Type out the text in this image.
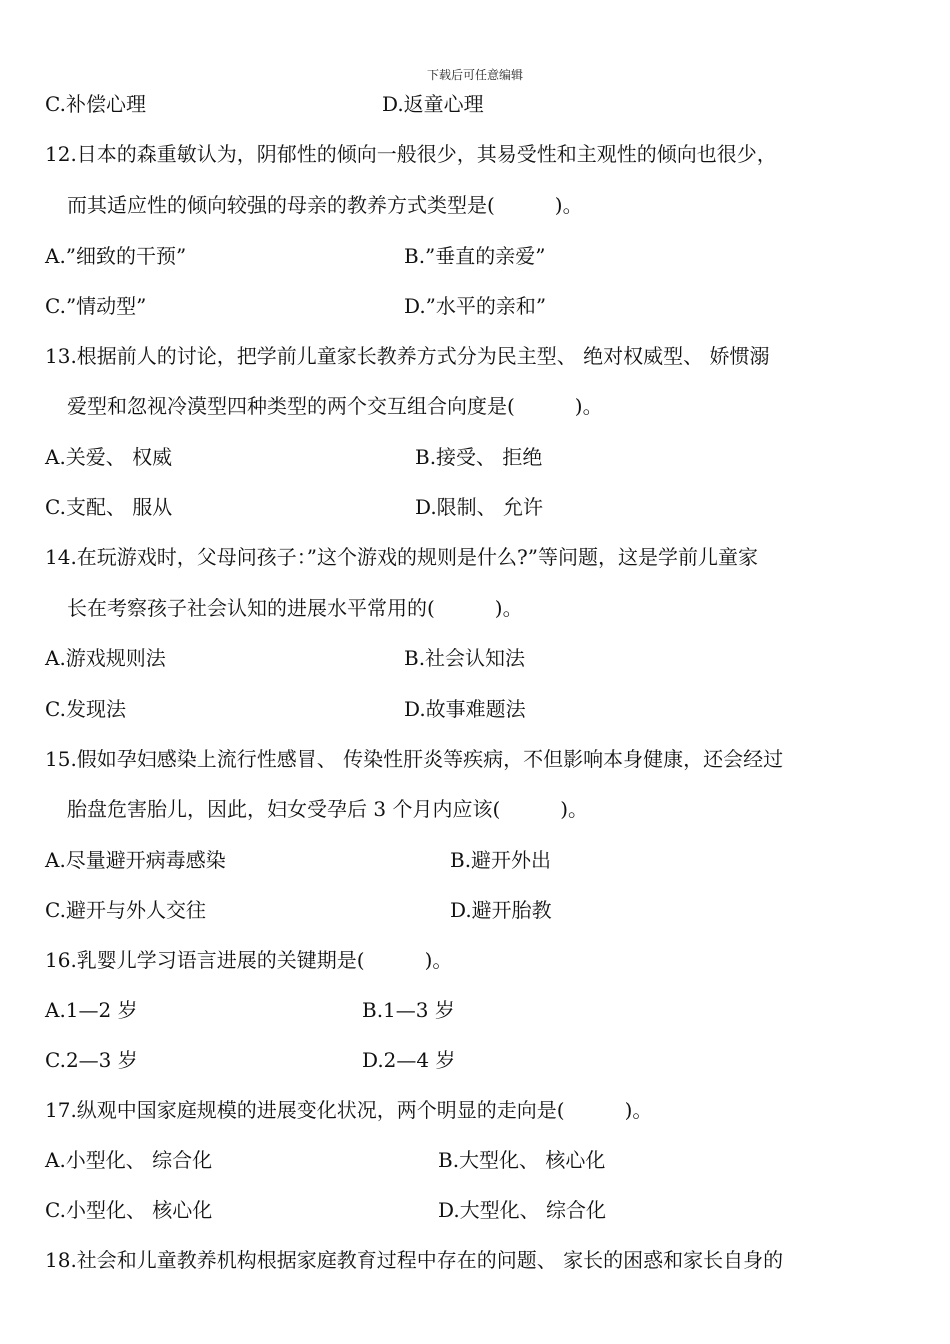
下载后可任意编辑
C.补偿心理	D.返童心理
12.日本的森重敏认为，阴郁性的倾向一般很少，其易受性和主观性的倾向也很少，
而其适应性的倾向较强的母亲的教养方式类型是(　　　)。
A.”细致的干预”	B.”垂直的亲爱”
C.”情动型”	D.”水平的亲和”
13.根据前人的讨论，把学前儿童家长教养方式分为民主型、 绝对权威型、 娇惯溺
爱型和忽视冷漠型四种类型的两个交互组合向度是(　　　)。
A.关爱、 权威	B.接受、 拒绝
C.支配、 服从	D.限制、 允许
14.在玩游戏时，父母问孩子：”这个游戏的规则是什么?”等问题，这是学前儿童家
长在考察孩子社会认知的进展水平常用的(　　　)。
A.游戏规则法	B.社会认知法
C.发现法	D.故事难题法
15.假如孕妇感染上流行性感冒、 传染性肝炎等疾病，不但影响本身健康，还会经过
胎盘危害胎儿，因此，妇女受孕后 3 个月内应该(　　　)。
A.尽量避开病毒感染	B.避开外出
C.避开与外人交往	D.避开胎教
16.乳婴儿学习语言进展的关键期是(　　　)。
A.1—2 岁	B.1—3 岁
C.2—3 岁	D.2—4 岁
17.纵观中国家庭规模的进展变化状况，两个明显的走向是(　　　)。
A.小型化、 综合化	B.大型化、 核心化
C.小型化、 核心化	D.大型化、 综合化
18.社会和儿童教养机构根据家庭教育过程中存在的问题、 家长的困惑和家长自身的
